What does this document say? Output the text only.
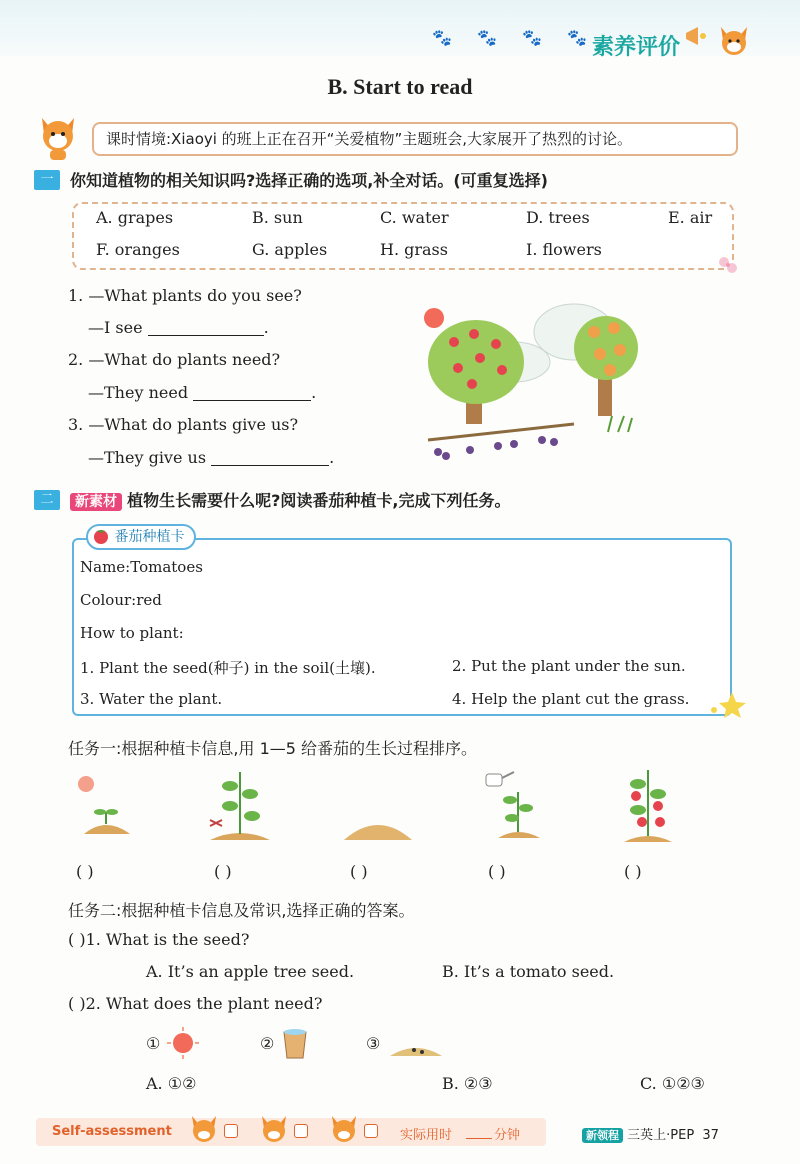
🐾 🐾 🐾 🐾
素养评价
B. Start to read
课时情境:Xiaoyi 的班上正在召开“关爱植物”主题班会,大家展开了热烈的讨论。
一	你知道植物的相关知识吗?选择正确的选项,补全对话。(可重复选择)
A. grapes	B. sun	C. water	D. trees	E. air
F. oranges	G. apples	H. grass	I. flowers
1. —What plants do you see?
—I see	.
2. —What do plants need?
—They need	.
3. —What do plants give us?
—They give us	.
二	新素材 植物生长需要什么呢?阅读番茄种植卡,完成下列任务。
番茄种植卡
Name:Tomatoes
Colour:red
How to plant:
1. Plant the seed(种子) in the soil(土壤).	2. Put the plant under the sun.
3. Water the plant.	4. Help the plant cut the grass.
任务一:根据种植卡信息,用 1—5 给番茄的生长过程排序。
( )	( )	( )	( )	( )
任务二:根据种植卡信息及常识,选择正确的答案。
( )1. What is the seed?
A. It’s an apple tree seed.	B. It’s a tomato seed.
( )2. What does the plant need?
①	②	③
A. ①②	B. ②③	C. ①②③
Self-assessment	实际用时	分钟	新领程 三英上·PEP 37
